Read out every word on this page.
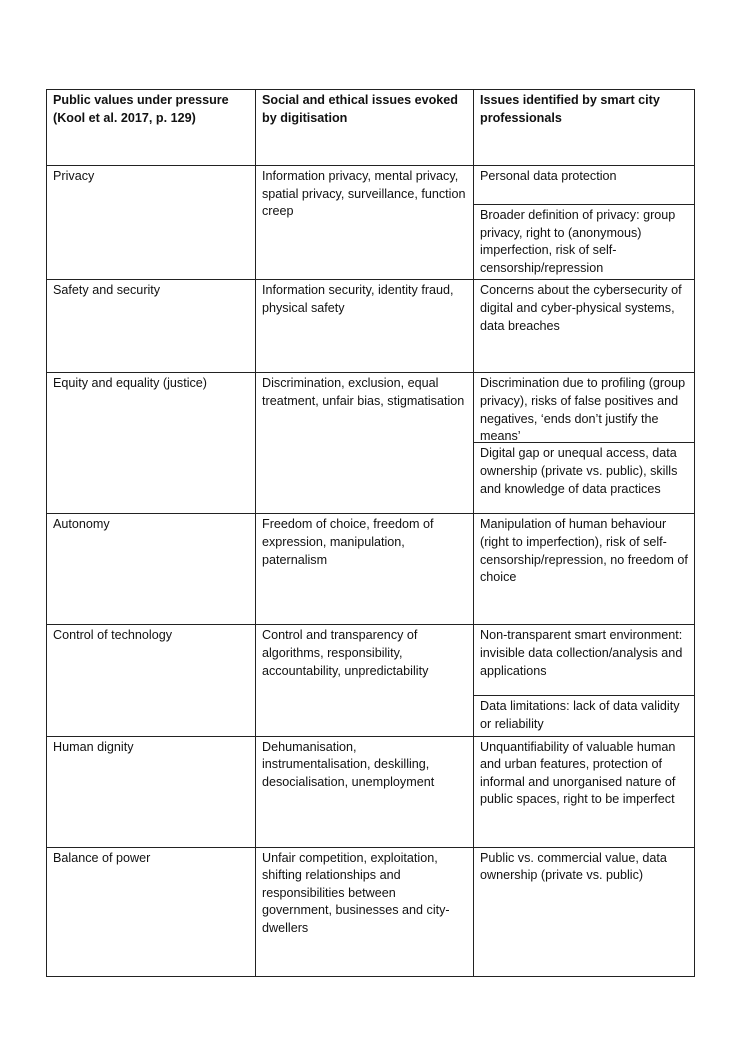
Public values under pressure (Kool et al. 2017, p. 129)	Social and ethical issues evoked by digitisation	Issues identified by smart city professionals
Privacy	Information privacy, mental privacy, spatial privacy, surveillance, function creep	Personal data protection
Broader definition of privacy: group privacy, right to (anonymous) imperfection, risk of self-censorship/repression

Safety and security	Information security, identity fraud, physical safety	Concerns about the cybersecurity of digital and cyber-physical systems, data breaches
Equity and equality (justice)	Discrimination, exclusion, equal treatment, unfair bias, stigmatisation	Discrimination due to profiling (group privacy), risks of false positives and negatives, ‘ends don’t justify the means’
Digital gap or unequal access, data ownership (private vs. public), skills and knowledge of data practices

Autonomy	Freedom of choice, freedom of expression, manipulation, paternalism	Manipulation of human behaviour (right to imperfection), risk of self-censorship/repression, no freedom of choice
Control of technology	Control and transparency of algorithms, responsibility, accountability, unpredictability	Non-transparent smart environment: invisible data collection/analysis and applications
Data limitations: lack of data validity or reliability

Human dignity	Dehumanisation, instrumentalisation, deskilling, desocialisation, unemployment	Unquantifiability of valuable human and urban features, protection of informal and unorganised nature of public spaces, right to be imperfect
Balance of power	Unfair competition, exploitation, shifting relationships and responsibilities between government, businesses and city-dwellers	Public vs. commercial value, data ownership (private vs. public)
